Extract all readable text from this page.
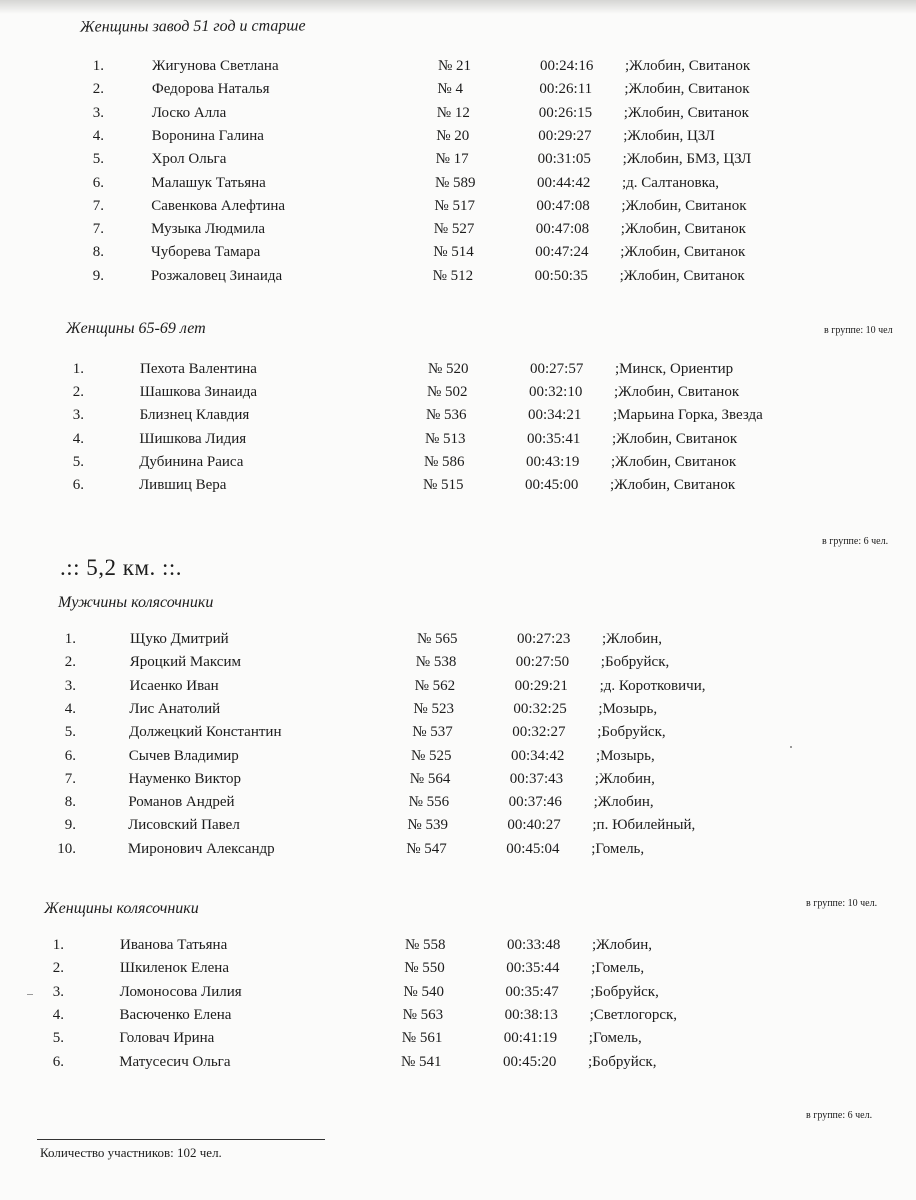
Женщины завод 51 год и старше
1.	Жигунова Светлана	№ 21	00:24:16 ;Жлобин, Свитанок
2.	Федорова Наталья	№ 4	00:26:11 ;Жлобин, Свитанок
3.	Лоско Алла	№ 12	00:26:15 ;Жлобин, Свитанок
4.	Воронина Галина	№ 20	00:29:27 ;Жлобин, ЦЗЛ
5.	Хрол Ольга	№ 17	00:31:05 ;Жлобин, БМЗ, ЦЗЛ
6.	Малашук Татьяна	№ 589	00:44:42 ;д. Салтановка,
7.	Савенкова Алефтина	№ 517	00:47:08 ;Жлобин, Свитанок
7.	Музыка Людмила	№ 527	00:47:08 ;Жлобин, Свитанок
8.	Чуборева Тамара	№ 514	00:47:24 ;Жлобин, Свитанок
9.	Розжаловец Зинаида	№ 512	00:50:35 ;Жлобин, Свитанок
Женщины 65-69 лет	в группе: 10 чел
1.	Пехота Валентина	№ 520	00:27:57 ;Минск, Ориентир
2.	Шашкова Зинаида	№ 502	00:32:10 ;Жлобин, Свитанок
3.	Близнец Клавдия	№ 536	00:34:21 ;Марьина Горка, Звезда
4.	Шишкова Лидия	№ 513	00:35:41 ;Жлобин, Свитанок
5.	Дубинина Раиса	№ 586	00:43:19 ;Жлобин, Свитанок
6.	Лившиц Вера	№ 515	00:45:00 ;Жлобин, Свитанок
в группе: 6 чел.
.:: 5,2 км. ::.
Мужчины колясочники
1.	Щуко Дмитрий	№ 565	00:27:23 ;Жлобин,
2.	Яроцкий Максим	№ 538	00:27:50 ;Бобруйск,
3.	Исаенко Иван	№ 562	00:29:21 ;д. Коротковичи,
4.	Лис Анатолий	№ 523	00:32:25 ;Мозырь,
5.	Должецкий Константин	№ 537	00:32:27 ;Бобруйск,
6.	Сычев Владимир	№ 525	00:34:42 ;Мозырь,
7.	Науменко Виктор	№ 564	00:37:43 ;Жлобин,
8.	Романов Андрей	№ 556	00:37:46 ;Жлобин,
9.	Лисовский Павел	№ 539	00:40:27 ;п. Юбилейный,
10.	Миронович Александр	№ 547	00:45:04 ;Гомель,
Женщины колясочники	в группе: 10 чел.
1.	Иванова Татьяна	№ 558	00:33:48 ;Жлобин,
2.	Шкиленок Елена	№ 550	00:35:44 ;Гомель,
3.	Ломоносова Лилия	№ 540	00:35:47 ;Бобруйск,
4.	Васюченко Елена	№ 563	00:38:13 ;Светлогорск,
5.	Головач Ирина	№ 561	00:41:19 ;Гомель,
6.	Матусесич Ольга	№ 541	00:45:20 ;Бобруйск,
в группе: 6 чел.
Количество участников: 102 чел.
